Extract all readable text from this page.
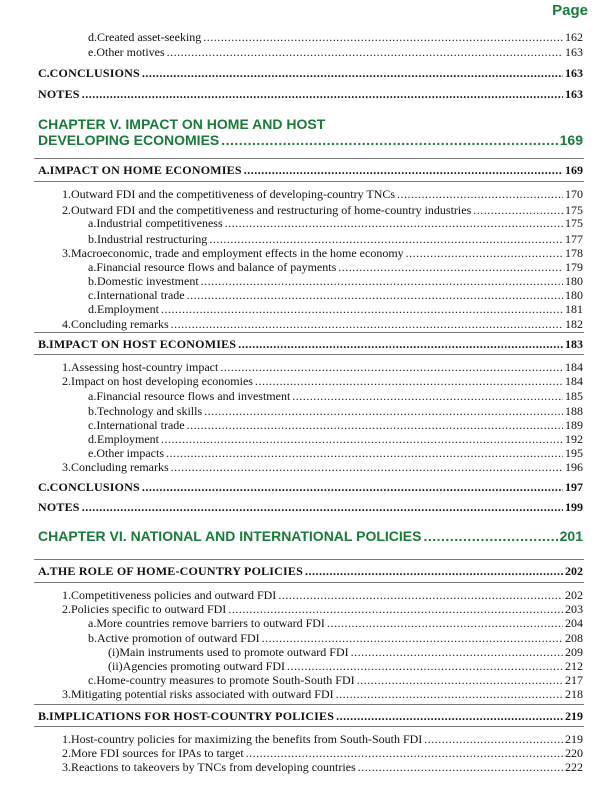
Page
d. Created asset-seeking .....	162
e. Other motives .....	163
C. CONCLUSIONS .....	163
NOTES .....	163
CHAPTER V. IMPACT ON HOME AND HOST
DEVELOPING ECONOMIES .....	169
A. IMPACT ON HOME ECONOMIES .....	169
1. Outward FDI and the competitiveness of developing-country TNCs .....	170
2. Outward FDI and the competitiveness and restructuring of home-country industries .....	175
a. Industrial competitiveness .....	175
b. Industrial restructuring .....	177
3. Macroeconomic, trade and employment effects in the home economy .....	178
a. Financial resource flows and balance of payments .....	179
b. Domestic investment .....	180
c. International trade .....	180
d. Employment .....	181
4. Concluding remarks .....	182
B. IMPACT ON HOST ECONOMIES .....	183
1. Assessing host-country impact .....	184
2. Impact on host developing economies .....	184
a. Financial resource flows and investment .....	185
b. Technology and skills .....	188
c. International trade .....	189
d. Employment .....	192
e. Other impacts .....	195
3. Concluding remarks .....	196
C. CONCLUSIONS .....	197
NOTES .....	199
CHAPTER VI. NATIONAL AND INTERNATIONAL POLICIES .....	201
A. THE ROLE OF HOME-COUNTRY POLICIES .....	202
1. Competitiveness policies and outward FDI .....	202
2. Policies specific to outward FDI .....	203
a. More countries remove barriers to outward FDI .....	204
b. Active promotion of outward FDI .....	208
(i) Main instruments used to promote outward FDI .....	209
(ii) Agencies promoting outward FDI .....	212
c. Home-country measures to promote South-South FDI .....	217
3. Mitigating potential risks associated with outward FDI .....	218
B. IMPLICATIONS FOR HOST-COUNTRY POLICIES .....	219
1. Host-country policies for maximizing the benefits from South-South FDI .....	219
2. More FDI sources for IPAs to target .....	220
3. Reactions to takeovers by TNCs from developing countries .....	222
